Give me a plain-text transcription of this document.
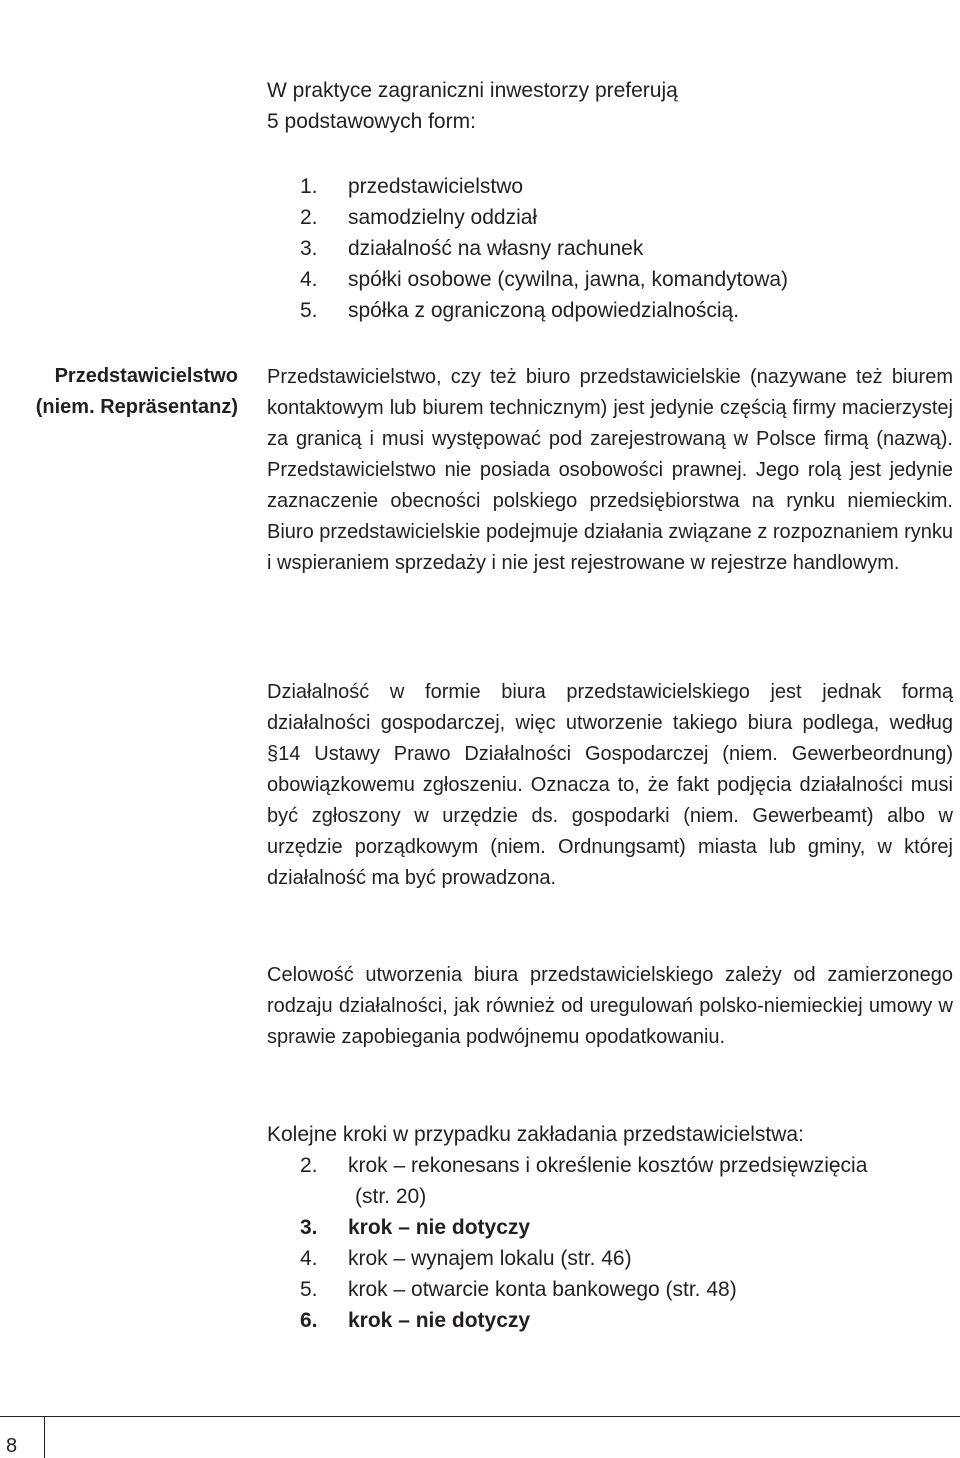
W praktyce zagraniczni inwestorzy preferują
5 podstawowych form:
1.	przedstawicielstwo
2.	samodzielny oddział
3.	działalność na własny rachunek
4.	spółki osobowe (cywilna, jawna, komandytowa)
5.	spółka z ograniczoną odpowiedzialnością.
Przedstawicielstwo
(niem. Repräsentanz)
Przedstawicielstwo, czy też biuro przedstawicielskie (nazywane też biurem kontaktowym lub biurem technicznym) jest jedynie częścią firmy macierzystej za granicą i musi występować pod zarejestrowaną w Polsce firmą (nazwą). Przedstawicielstwo nie posiada osobowości prawnej. Jego rolą jest jedynie zaznaczenie obecności polskiego przedsiębiorstwa na rynku niemieckim. Biuro przedstawicielskie podejmuje działania związane z rozpoznaniem rynku i wspieraniem sprzedaży i nie jest rejestrowane w rejestrze handlowym.
Działalność w formie biura przedstawicielskiego jest jednak formą działalności gospodarczej, więc utworzenie takiego biura podlega, według §14 Ustawy Prawo Działalności Gospodarczej (niem. Gewerbeordnung) obowiązkowemu zgłoszeniu. Oznacza to, że fakt podjęcia działalności musi być zgłoszony w urzędzie ds. gospodarki (niem. Gewerbeamt) albo w urzędzie porządkowym (niem. Ordnungsamt) miasta lub gminy, w której działalność ma być prowadzona.
Celowość utworzenia biura przedstawicielskiego zależy od zamierzonego rodzaju działalności, jak również od uregulowań polsko-niemieckiej umowy w sprawie zapobiegania podwójnemu opodatkowaniu.
Kolejne kroki w przypadku zakładania przedstawicielstwa:
2.	krok – rekonesans i określenie kosztów przedsięwzięcia
(str. 20)
3.	krok – nie dotyczy
4.	krok – wynajem lokalu (str. 46)
5.	krok – otwarcie konta bankowego (str. 48)
6.	krok – nie dotyczy
8
